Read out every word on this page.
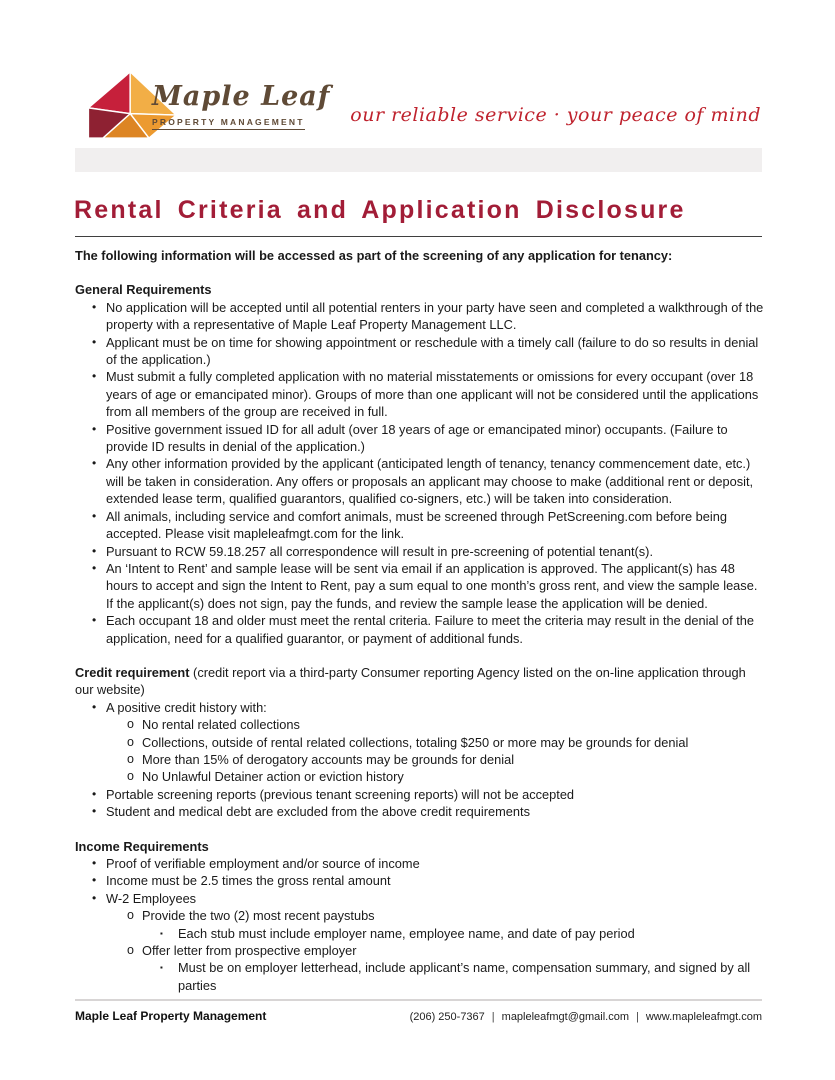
Maple Leaf
PROPERTY MANAGEMENT	our reliable service · your peace of mind
Rental Criteria and Application Disclosure

The following information will be accessed as part of the screening of any application for tenancy:

General Requirements

• No application will be accepted until all potential renters in your party have seen and completed a walkthrough of the property with a representative of Maple Leaf Property Management LLC.
• Applicant must be on time for showing appointment or reschedule with a timely call (failure to do so results in denial of the application.)
• Must submit a fully completed application with no material misstatements or omissions for every occupant (over 18 years of age or emancipated minor). Groups of more than one applicant will not be considered until the applications from all members of the group are received in full.
• Positive government issued ID for all adult (over 18 years of age or emancipated minor) occupants. (Failure to provide ID results in denial of the application.)
• Any other information provided by the applicant (anticipated length of tenancy, tenancy commencement date, etc.) will be taken in consideration. Any offers or proposals an applicant may choose to make (additional rent or deposit, extended lease term, qualified guarantors, qualified co-signers, etc.) will be taken into consideration.
• All animals, including service and comfort animals, must be screened through PetScreening.com before being accepted. Please visit mapleleafmgt.com for the link.
• Pursuant to RCW 59.18.257 all correspondence will result in pre-screening of potential tenant(s).
• An ‘Intent to Rent’ and sample lease will be sent via email if an application is approved. The applicant(s) has 48 hours to accept and sign the Intent to Rent, pay a sum equal to one month’s gross rent, and view the sample lease. If the applicant(s) does not sign, pay the funds, and review the sample lease the application will be denied.
• Each occupant 18 and older must meet the rental criteria. Failure to meet the criteria may result in the denial of the application, need for a qualified guarantor, or payment of additional funds.

Credit requirement (credit report via a third-party Consumer reporting Agency listed on the on-line application through our website)

• A positive credit history with:
o No rental related collections
o Collections, outside of rental related collections, totaling $250 or more may be grounds for denial
o More than 15% of derogatory accounts may be grounds for denial
o No Unlawful Detainer action or eviction history
• Portable screening reports (previous tenant screening reports) will not be accepted
• Student and medical debt are excluded from the above credit requirements

Income Requirements

• Proof of verifiable employment and/or source of income
• Income must be 2.5 times the gross rental amount
• W-2 Employees
o Provide the two (2) most recent paystubs
▪	Each stub must include employer name, employee name, and date of pay period
o Offer letter from prospective employer
▪	Must be on employer letterhead, include applicant’s name, compensation summary, and signed by all parties
Maple Leaf Property Management	(206) 250-7367 | mapleleafmgt@gmail.com | www.mapleleafmgt.com
